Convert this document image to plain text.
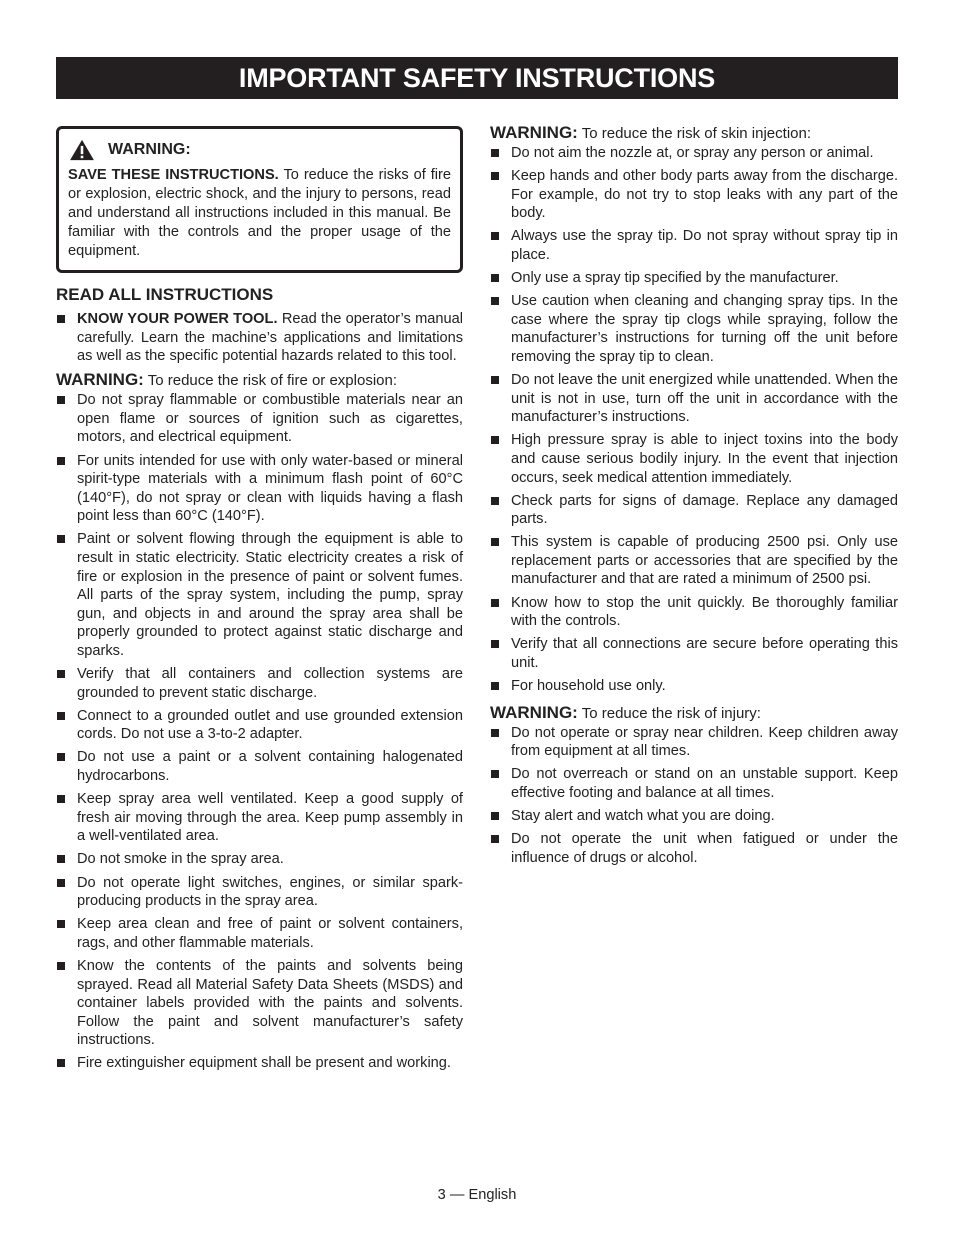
IMPORTANT SAFETY INSTRUCTIONS
WARNING:
SAVE THESE INSTRUCTIONS. To reduce the risks of fire or explosion, electric shock, and the injury to persons, read and understand all instructions included in this manual. Be familiar with the controls and the proper usage of the equipment.
READ ALL INSTRUCTIONS
KNOW YOUR POWER TOOL. Read the operator’s manual carefully. Learn the machine’s applications and limitations as well as the specific potential hazards related to this tool.
WARNING: To reduce the risk of fire or explosion:
Do not spray flammable or combustible materials near an open flame or sources of ignition such as cigarettes, motors, and electrical equipment.
For units intended for use with only water-based or mineral spirit-type materials with a minimum flash point of 60°C (140°F), do not spray or clean with liquids having a flash point less than 60°C (140°F).
Paint or solvent flowing through the equipment is able to result in static electricity. Static electricity creates a risk of fire or explosion in the presence of paint or solvent fumes. All parts of the spray system, including the pump, spray gun, and objects in and around the spray area shall be properly grounded to protect against static discharge and sparks.
Verify that all containers and collection systems are grounded to prevent static discharge.
Connect to a grounded outlet and use grounded extension cords. Do not use a 3-to-2 adapter.
Do not use a paint or a solvent containing halogenated hydrocarbons.
Keep spray area well ventilated. Keep a good supply of fresh air moving through the area. Keep pump assembly in a well-ventilated area.
Do not smoke in the spray area.
Do not operate light switches, engines, or similar spark-producing products in the spray area.
Keep area clean and free of paint or solvent containers, rags, and other flammable materials.
Know the contents of the paints and solvents being sprayed. Read all Material Safety Data Sheets (MSDS) and container labels provided with the paints and solvents. Follow the paint and solvent manufacturer’s safety instructions.
Fire extinguisher equipment shall be present and working.
WARNING: To reduce the risk of skin injection:
Do not aim the nozzle at, or spray any person or animal.
Keep hands and other body parts away from the discharge. For example, do not try to stop leaks with any part of the body.
Always use the spray tip. Do not spray without spray tip in place.
Only use a spray tip specified by the manufacturer.
Use caution when cleaning and changing spray tips. In the case where the spray tip clogs while spraying, follow the manufacturer’s instructions for turning off the unit before removing the spray tip to clean.
Do not leave the unit energized while unattended. When the unit is not in use, turn off the unit in accordance with the manufacturer’s instructions.
High pressure spray is able to inject toxins into the body and cause serious bodily injury. In the event that injection occurs, seek medical attention immediately.
Check parts for signs of damage. Replace any damaged parts.
This system is capable of producing 2500 psi. Only use replacement parts or accessories that are specified by the manufacturer and that are rated a minimum of 2500 psi.
Know how to stop the unit quickly. Be thoroughly familiar with the controls.
Verify that all connections are secure before operating this unit.
For household use only.
WARNING: To reduce the risk of injury:
Do not operate or spray near children. Keep children away from equipment at all times.
Do not overreach or stand on an unstable support. Keep effective footing and balance at all times.
Stay alert and watch what you are doing.
Do not operate the unit when fatigued or under the influence of drugs or alcohol.
3 — English
